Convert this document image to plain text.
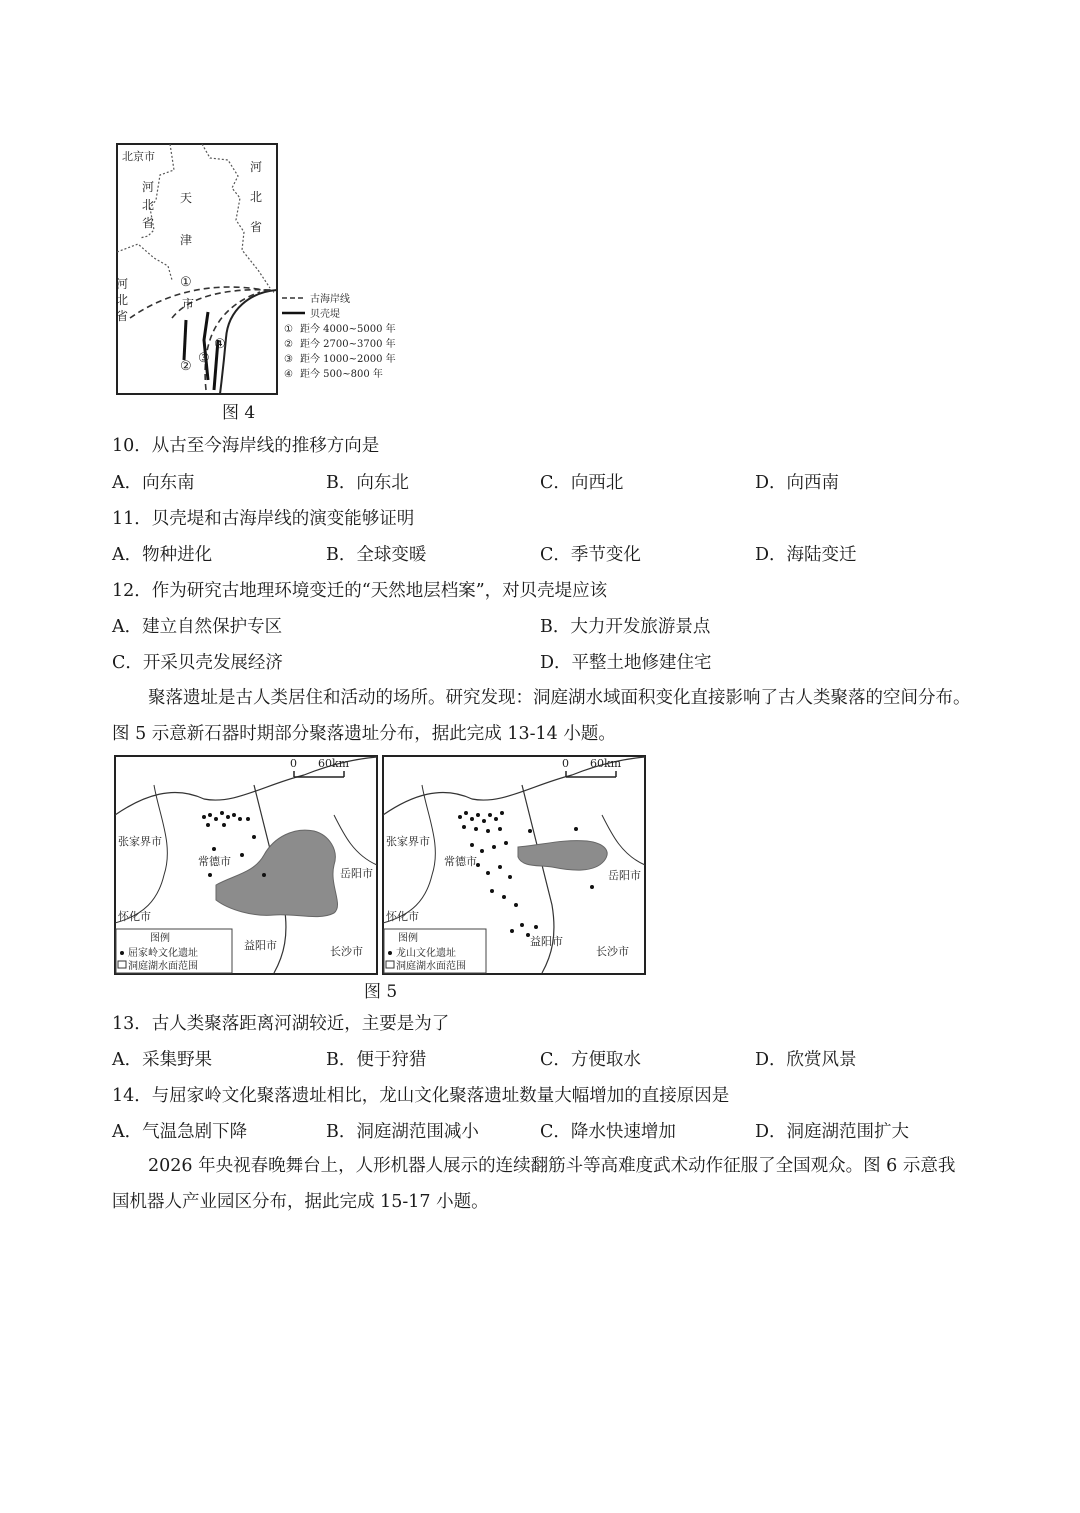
北京市
天
津
市
①
②
③
④
古海岸线
贝壳堤
① 距今 4000~5000 年
② 距今 2700~3700 年
③ 距今 1000~2000 年
④ 距今 500~800 年
河北省
河北省
河北省
图 4
10．从古至今海岸线的推移方向是
A．向东南	B．向东北	C．向西北	D．向西南
11．贝壳堤和古海岸线的演变能够证明
A．物种进化	B．全球变暖	C．季节变化	D．海陆变迁
12．作为研究古地理环境变迁的“天然地层档案”，对贝壳堤应该
A．建立自然保护专区	B．大力开发旅游景点
C．开采贝壳发展经济	D．平整土地修建住宅
聚落遗址是古人类居住和活动的场所。研究发现：洞庭湖水域面积变化直接影响了古人类聚落的空间分布。图 5 示意新石器时期部分聚落遗址分布，据此完成 13-14 小题。
0      60km
张家界市
常德市
岳阳市
怀化市
益阳市	长沙市
图例
屈家岭文化遗址
洞庭湖水面范围
0      60km
张家界市
常德市
岳阳市
怀化市
益阳市
长沙市
图例
龙山文化遗址
洞庭湖水面范围
图 5
13．古人类聚落距离河湖较近，主要是为了
A．采集野果	B．便于狩猎	C．方便取水	D．欣赏风景
14．与屈家岭文化聚落遗址相比，龙山文化聚落遗址数量大幅增加的直接原因是
A．气温急剧下降	B．洞庭湖范围减小	C．降水快速增加	D．洞庭湖范围扩大
2026 年央视春晚舞台上，人形机器人展示的连续翻筋斗等高难度武术动作征服了全国观众。图 6 示意我国机器人产业园区分布，据此完成 15-17 小题。
